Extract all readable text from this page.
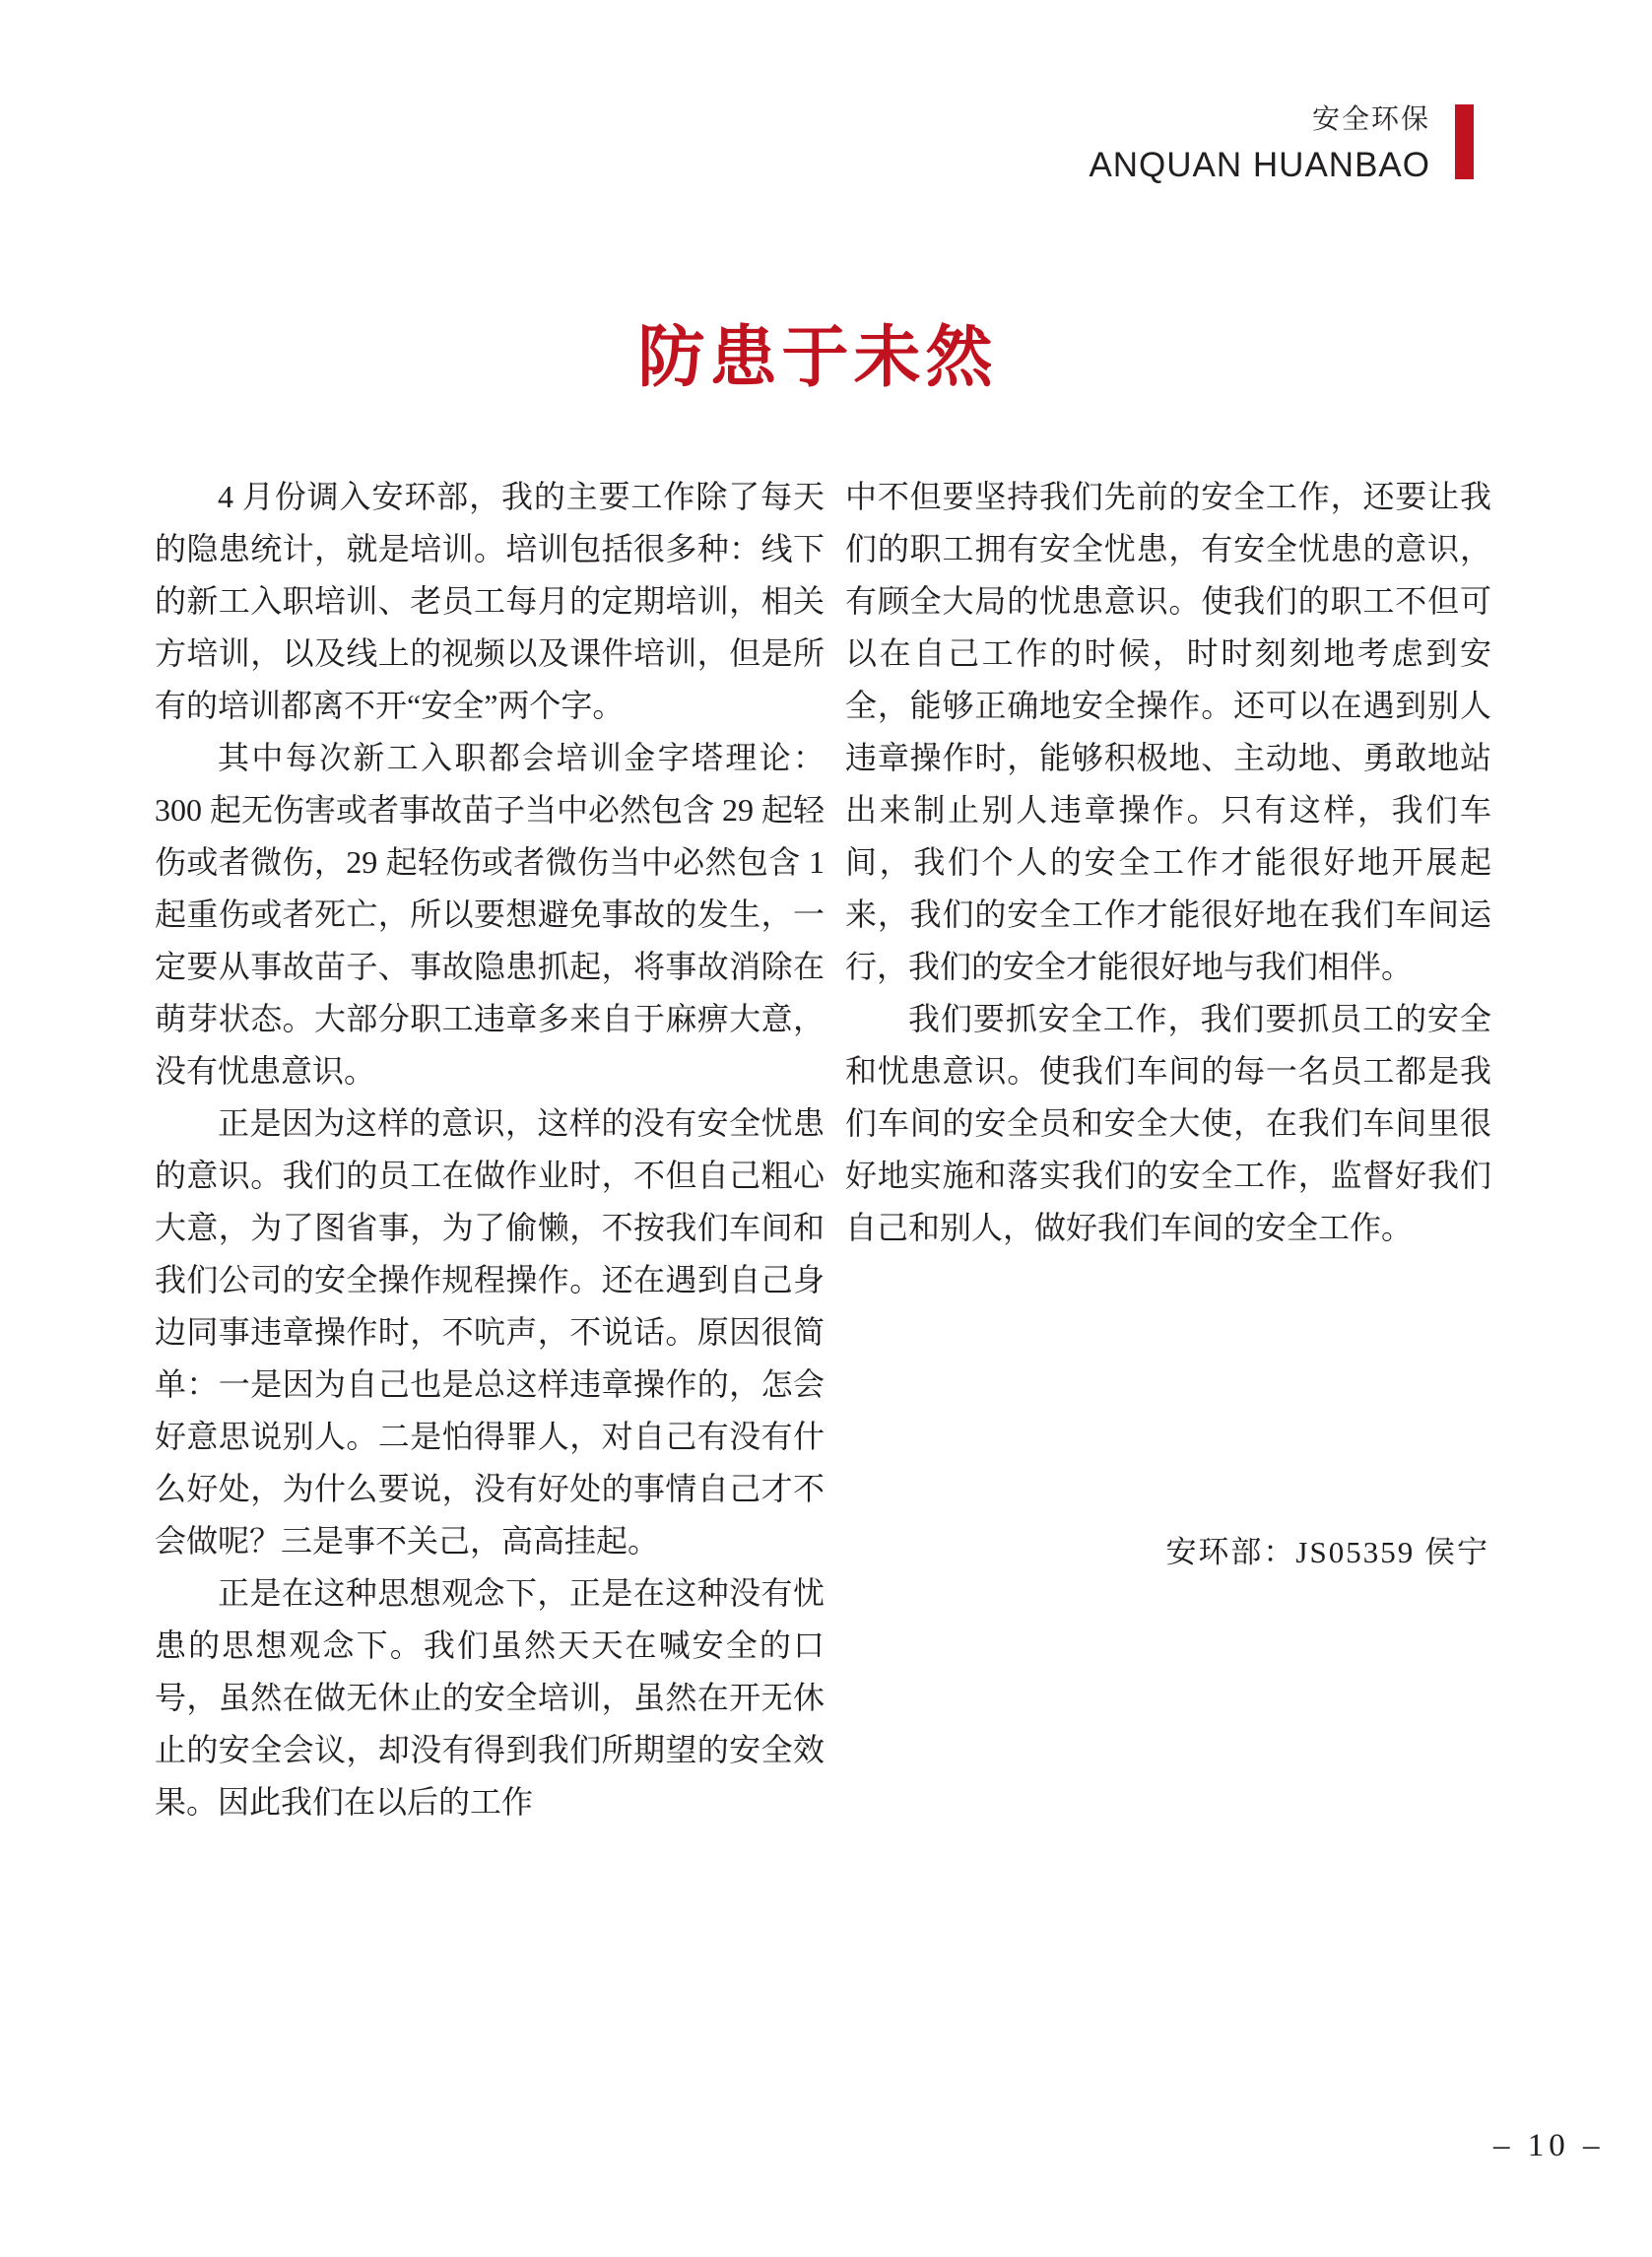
安全环保
ANQUAN HUANBAO
防患于未然

4 月份调入安环部，我的主要工作除了每天的隐患统计，就是培训。培训包括很多种：线下的新工入职培训、老员工每月的定期培训，相关方培训，以及线上的视频以及课件培训，但是所有的培训都离不开“安全”两个字。

其中每次新工入职都会培训金字塔理论：300 起无伤害或者事故苗子当中必然包含 29 起轻伤或者微伤，29 起轻伤或者微伤当中必然包含 1 起重伤或者死亡，所以要想避免事故的发生，一定要从事故苗子、事故隐患抓起，将事故消除在萌芽状态。大部分职工违章多来自于麻痹大意，没有忧患意识。

正是因为这样的意识，这样的没有安全忧患的意识。我们的员工在做作业时，不但自己粗心大意，为了图省事，为了偷懒，不按我们车间和我们公司的安全操作规程操作。还在遇到自己身边同事违章操作时，不吭声，不说话。原因很简单：一是因为自己也是总这样违章操作的，怎会好意思说别人。二是怕得罪人，对自己有没有什么好处，为什么要说，没有好处的事情自己才不会做呢？三是事不关己，高高挂起。

正是在这种思想观念下，正是在这种没有忧患的思想观念下。我们虽然天天在喊安全的口号，虽然在做无休止的安全培训，虽然在开无休止的安全会议，却没有得到我们所期望的安全效果。因此我们在以后的工作

中不但要坚持我们先前的安全工作，还要让我们的职工拥有安全忧患，有安全忧患的意识，有顾全大局的忧患意识。使我们的职工不但可以在自己工作的时候，时时刻刻地考虑到安全，能够正确地安全操作。还可以在遇到别人违章操作时，能够积极地、主动地、勇敢地站出来制止别人违章操作。只有这样，我们车间，我们个人的安全工作才能很好地开展起来，我们的安全工作才能很好地在我们车间运行，我们的安全才能很好地与我们相伴。

我们要抓安全工作，我们要抓员工的安全和忧患意识。使我们车间的每一名员工都是我们车间的安全员和安全大使，在我们车间里很好地实施和落实我们的安全工作，监督好我们自己和别人，做好我们车间的安全工作。

安环部：JS05359 侯宁
– 10 –
